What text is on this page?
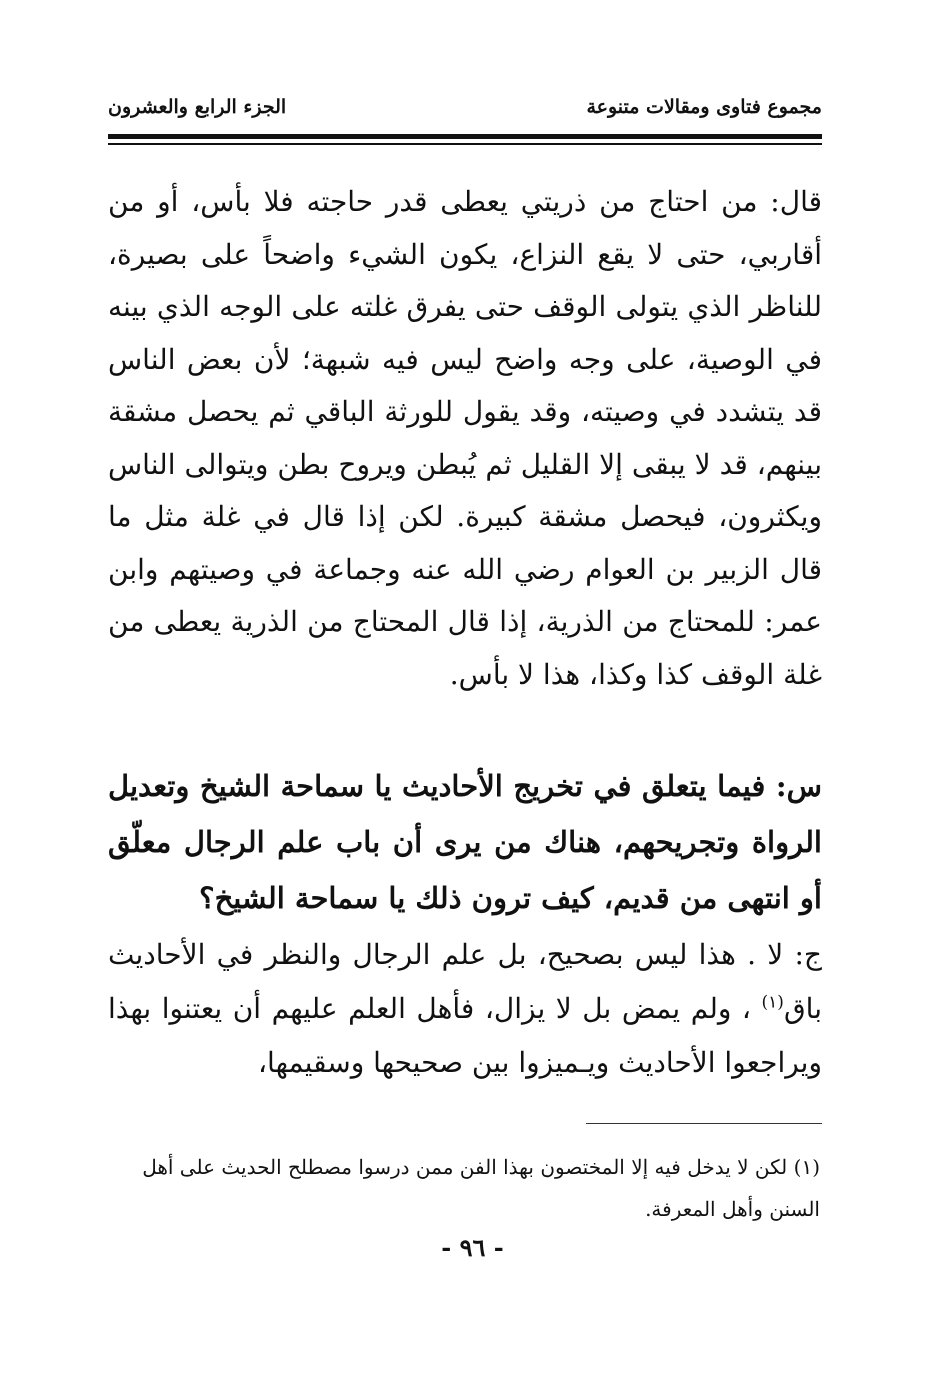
مجموع فتاوى ومقالات متنوعة
الجزء الرابع والعشرون
قال: من احتاج من ذريتي يعطى قدر حاجته فلا بأس، أو من أقاربي، حتى لا يقع النزاع، يكون الشيء واضحاً على بصيرة، للناظر الذي يتولى الوقف حتى يفرق غلته على الوجه الذي بينه في الوصية، على وجه واضح ليس فيه شبهة؛ لأن بعض الناس قد يتشدد في وصيته، وقد يقول للورثة الباقي ثم يحصل مشقة بينهم، قد لا يبقى إلا القليل ثم يُبطن ويروح بطن ويتوالى الناس ويكثرون، فيحصل مشقة كبيرة. لكن إذا قال في غلة مثل ما قال الزبير بن العوام رضي الله عنه وجماعة في وصيتهم وابن عمر: للمحتاج من الذرية، إذا قال المحتاج من الذرية يعطى من غلة الوقف كذا وكذا، هذا لا بأس.
س: فيما يتعلق في تخريج الأحاديث يا سماحة الشيخ وتعديل الرواة وتجريحهم، هناك من يرى أن باب علم الرجال معلّق أو انتهى من قديم، كيف ترون ذلك يا سماحة الشيخ؟
ج: لا . هذا ليس بصحيح، بل علم الرجال والنظر في الأحاديث باق$^{(١)}$ ، ولم يمض بل لا يزال، فأهل العلم عليهم أن يعتنوا بهذا ويراجعوا الأحاديث ويـميزوا بين صحيحها وسقيمها،
(١) لكن لا يدخل فيه إلا المختصون بهذا الفن ممن درسوا مصطلح الحديث على أهل السنن وأهل المعرفة.
- ٩٦ -
